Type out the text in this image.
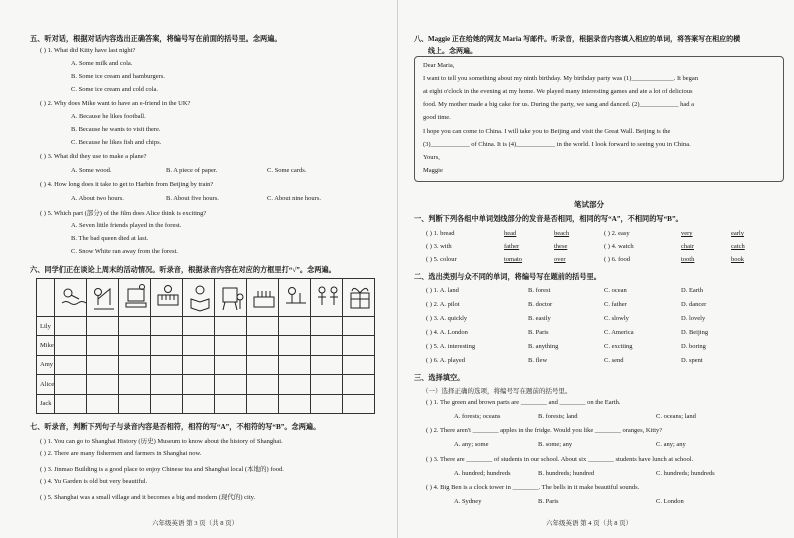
五、听对话，根据对话内容选出正确答案，将编号写在前面的括号里。念两遍。
( ) 1. What did Kitty have last night?
A. Some milk and cola.
B. Some ice cream and hamburgers.
C. Some ice cream and cold cola.
( ) 2. Why does Mike want to have an e-friend in the UK?
A. Because he likes football.
B. Because he wants to visit there.
C. Because he likes fish and chips.
( ) 3. What did they use to make a plane?
A. Some wood.	B. A piece of paper.	C. Some cards.
( ) 4. How long does it take to get to Harbin from Beijing by train?
A. About two hours.	B. About five hours.	C. About nine hours.
( ) 5. Which part (部分) of the film does Alice think is exciting?
A. Seven little friends played in the forest.
B. The bad queen died at last.
C. Snow White ran away from the forest.
六、同学们正在谈论上周末的活动情况。听录音，根据录音内容在对应的方框里打“√”。念两遍。

Lily										
Mike										
Amy										
Alice										
Jack										
七、听录音，判断下列句子与录音内容是否相符，相符的写“A”，不相符的写“B”。念两遍。
( ) 1. You can go to Shanghai History (历史) Museum to know about the history of Shanghai.
( ) 2. There are many fishermen and farmers in Shanghai now.
( ) 3. Jinmao Building is a good place to enjoy Chinese tea and Shanghai local (本地的) food.
( ) 4. Yu Garden is old but very beautiful.
( ) 5. Shanghai was a small village and it becomes a big and modern (现代的) city.
六年级英语 第 3 页（共 8 页）
八、Maggie 正在给她的网友 Maria 写邮件。听录音，根据录音内容填入相应的单词，将答案写在相应的横
线上。念两遍。
Dear Maria,
I want to tell you something about my ninth birthday. My birthday party was (1)_____________. It began
at eight o'clock in the evening at my home. We played many interesting games and ate a lot of delicious
food. My mother made a big cake for us. During the party, we sang and danced. (2)____________ had a
good time.
I hope you can come to China. I will take you to Beijing and visit the Great Wall. Beijing is the
(3)____________ of China. It is (4)____________ in the world. I look forward to seeing you in China.
Yours,
Maggie
笔试部分
一、判断下列各组中单词划线部分的发音是否相同，相同的写“A”，不相同的写“B”。
( ) 1. bread	head	beach	( ) 2. easy	very	early
( ) 3. with	father	these	( ) 4. watch	chair	catch
( ) 5. colour	tomato	over	( ) 6. food	tooth	book
二、选出类别与众不同的单词，将编号写在题前的括号里。
( ) 1. A. land	B. forest	C. ocean	D. Earth
( ) 2. A. pilot	B. doctor	C. father	D. dancer
( ) 3. A. quickly	B. easily	C. slowly	D. lovely
( ) 4. A. London	B. Paris	C. America	D. Beijing
( ) 5. A. interesting	B. anything	C. exciting	D. boring
( ) 6. A. played	B. flew	C. send	D. spent
三、选择填空。
（一）选择正确的选项，将编号写在题前的括号里。
( ) 1. The green and brown parts are ________ and ________ on the Earth.
A. forests; oceans	B. forests; land	C. oceans; land
( ) 2. There aren't ________ apples in the fridge. Would you like ________ oranges, Kitty?
A. any; some	B. some; any	C. any; any
( ) 3. There are ________ of students in our school. About six ________ students have lunch at school.
A. hundred; hundreds	B. hundreds; hundred	C. hundreds; hundreds
( ) 4. Big Ben is a clock tower in ________. The bells in it make beautiful sounds.
A. Sydney	B. Paris	C. London
六年级英语 第 4 页（共 8 页）
